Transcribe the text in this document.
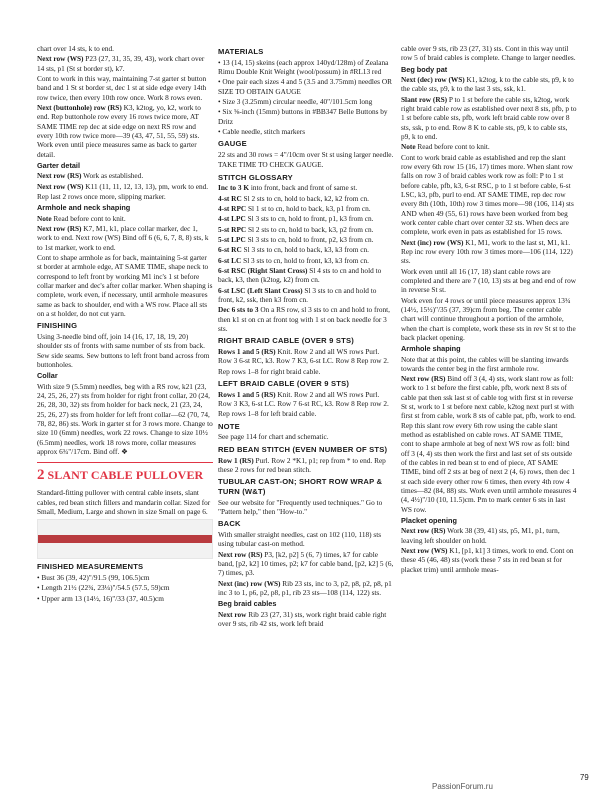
chart over 14 sts, k to end.

Next row (WS) P23 (27, 31, 35, 39, 43), work chart over 14 sts, p1 (St st border st), k7.

Cont to work in this way, maintaining 7-st garter st button band and 1 St st border st, dec 1 st at side edge every 14th row twice, then every 10th row once. Work 8 rows even.

Next (buttonhole) row (RS) K3, k2tog, yo, k2, work to end. Rep buttonhole row every 16 rows twice more, AT SAME TIME rep dec at side edge on next RS row and every 10th row twice more—39 (43, 47, 51, 55, 59) sts. Work even until piece measures same as back to garter detail.

Garter detail

Next row (RS) Work as established.

Next row (WS) K11 (11, 11, 12, 13, 13), pm, work to end.

Rep last 2 rows once more, slipping marker.

Armhole and neck shaping

Note Read before cont to knit.

Next row (RS) K7, M1, k1, place collar marker, dec 1, work to end. Next row (WS) Bind off 6 (6, 6, 7, 8, 8) sts, k to 1st marker, work to end.

Cont to shape armhole as for back, maintaining 5-st garter st border at armhole edge, AT SAME TIME, shape neck to correspond to left front by working M1 inc's 1 st before collar marker and dec's after collar marker. When shaping is complete, work even, if necessary, until armhole measures same as back to shoulder, end with a WS row. Place all sts on a st holder, do not cut yarn.

FINISHING

Using 3-needle bind off, join 14 (16, 17, 18, 19, 20) shoulder sts of fronts with same number of sts from back. Sew side seams. Sew buttons to left front band across from buttonholes.

Collar

With size 9 (5.5mm) needles, beg with a RS row, k21 (23, 24, 25, 26, 27) sts from holder for right front collar, 20 (24, 26, 28, 30, 32) sts from holder for back neck, 21 (23, 24, 25, 26, 27) sts from holder for left front collar—62 (70, 74, 78, 82, 86) sts. Work in garter st for 3 rows more. Change to size 10 (6mm) needles, work 22 rows. Change to size 10½ (6.5mm) needles, work 18 rows more, collar measures approx 6¾"/17cm. Bind off. ❖

2 SLANT CABLE PULLOVER

Standard-fitting pullover with central cable insets, slant cables, red bean stitch fillers and mandarin collar. Sized for Small, Medium, Large and shown in size Small on page 6.

FINISHED MEASUREMENTS

• Bust 36 (39, 42)"/91.5 (99, 106.5)cm

• Length 21½ (22¾, 23¼)"/54.5 (57.5, 59)cm

• Upper arm 13 (14½, 16)"/33 (37, 40.5)cm

MATERIALS

• 13 (14, 15) skeins (each approx 140yd/128m) of Zealana Rimu Double Knit Weight (wool/possum) in #RL13 red

• One pair each sizes 4 and 5 (3.5 and 3.75mm) needles OR SIZE TO OBTAIN GAUGE

• Size 3 (3.25mm) circular needle, 40"/101.5cm long

• Six ⅝-inch (15mm) buttons in #BB347 Belle Buttons by Dritz

• Cable needle, stitch markers

GAUGE

22 sts and 30 rows = 4"/10cm over St st using larger needle.

TAKE TIME TO CHECK GAUGE.

STITCH GLOSSARY

Inc to 3 K into front, back and front of same st.

4-st RC Sl 2 sts to cn, hold to back, k2, k2 from cn.

4-st RPC Sl 1 st to cn, hold to back, k3, p1 from cn.

4-st LPC Sl 3 sts to cn, hold to front, p1, k3 from cn.

5-st RPC Sl 2 sts to cn, hold to back, k3, p2 from cn.

5-st LPC Sl 3 sts to cn, hold to front, p2, k3 from cn.

6-st RC Sl 3 sts to cn, hold to back, k3, k3 from cn.

6-st LC Sl 3 sts to cn, hold to front, k3, k3 from cn.

6-st RSC (Right Slant Cross) Sl 4 sts to cn and hold to back, k3, then (k2tog, k2) from cn.

6-st LSC (Left Slant Cross) Sl 3 sts to cn and hold to front, k2, ssk, then k3 from cn.

Dec 6 sts to 3 On a RS row, sl 3 sts to cn and hold to front, then k1 st on cn at front tog with 1 st on back needle for 3 sts.

RIGHT BRAID CABLE (OVER 9 STS)

Rows 1 and 5 (RS) Knit. Row 2 and all WS rows Purl. Row 3 6-st RC, k3. Row 7 K3, 6-st LC. Row 8 Rep row 2.

Rep rows 1–8 for right braid cable.

LEFT BRAID CABLE (OVER 9 STS)

Rows 1 and 5 (RS) Knit. Row 2 and all WS rows Purl. Row 3 K3, 6-st LC. Row 7 6-st RC, k3. Row 8 Rep row 2.

Rep rows 1–8 for left braid cable.

NOTE

See page 114 for chart and schematic.

RED BEAN STITCH (EVEN NUMBER OF STS)

Row 1 (RS) Purl. Row 2 *K1, p1; rep from * to end. Rep these 2 rows for red bean stitch.

TUBULAR CAST-ON; SHORT ROW WRAP & TURN (W&T)

See our website for "Frequently used techniques." Go to "Pattern help," then "How-to."

BACK

With smaller straight needles, cast on 102 (110, 118) sts using tubular cast-on method.

Next row (RS) P3, [k2, p2] 5 (6, 7) times, k7 for cable band, [p2, k2] 10 times, p2; k7 for cable band, [p2, k2] 5 (6, 7) times, p3.

Next (inc) row (WS) Rib 23 sts, inc to 3, p2, p8, p2, p8, p1 inc 3 to 1, p6, p2, p8, p1, rib 23 sts—108 (114, 122) sts.

Beg braid cables

Next row Rib 23 (27, 31) sts, work right braid cable right over 9 sts, rib 42 sts, work left braid

cable over 9 sts, rib 23 (27, 31) sts. Cont in this way until row 5 of braid cables is complete. Change to larger needles.

Beg body pat

Next (dec) row (WS) K1, k2tog, k to the cable sts, p9, k to the cable sts, p9, k to the last 3 sts, ssk, k1.

Slant row (RS) P to 1 st before the cable sts, k2tog, work right braid cable row as established over next 8 sts, pfb, p to 1 st before cable sts, pfb, work left braid cable row over 8 sts, ssk, p to end. Row 8 K to cable sts, p9, k to cable sts, p9, k to end.

Note Read before cont to knit.

Cont to work braid cable as established and rep the slant row every 6th row 15 (16, 17) times more. When slant row falls on row 3 of braid cables work row as foll: P to 1 st before cable, pfb, k3, 6-st RSC, p to 1 st before cable, 6-st LSC, k3, pfb, purl to end. AT SAME TIME, rep dec row every 8th (10th, 10th) row 3 times more—98 (106, 114) sts AND when 49 (55, 61) rows have been worked from beg work center cable chart over center 32 sts. When decs are complete, work even in pats as established for 15 rows.

Next (inc) row (WS) K1, M1, work to the last st, M1, k1. Rep inc row every 10th row 3 times more—106 (114, 122) sts.

Work even until all 16 (17, 18) slant cable rows are completed and there are 7 (10, 13) sts at beg and end of row in reverse St st.

Work even for 4 rows or until piece measures approx 13¾ (14½, 15½)"/35 (37, 39)cm from beg. The center cable chart will continue throughout a portion of the armhole, when the chart is complete, work these sts in rev St st to the back placket opening.

Armhole shaping

Note that at this point, the cables will be slanting inwards towards the center beg in the first armhole row.

Next row (RS) Bind off 3 (4, 4) sts, work slant row as foll: work to 1 st before the first cable, pfb, work next 8 sts of cable pat then ssk last st of cable tog with first st in reverse St st, work to 1 st before next cable, k2tog next purl st with first st from cable, work 8 sts of cable pat, pfb, work to end. Rep this slant row every 6th row using the cable slant method as established on cable rows. AT SAME TIME, cont to shape armhole at beg of next WS row as foll: bind off 3 (4, 4) sts then work the first and last set of sts outside of the cables in red bean st to end of piece, AT SAME TIME, bind off 2 sts at beg of next 2 (4, 6) rows, then dec 1 st each side every other row 6 times, then every 4th row 4 times—82 (84, 88) sts. Work even until armhole measures 4 (4, 4½)"/10 (10, 11.5)cm. Pm to mark center 6 sts in last WS row.

Placket opening

Next row (RS) Work 38 (39, 41) sts, p5, M1, p1, turn, leaving left shoulder on hold.

Next row (WS) K1, [p1, k1] 3 times, work to end. Cont on these 45 (46, 48) sts (work these 7 sts in red bean st for placket trim) until armhole meas-

79
PassionForum.ru
